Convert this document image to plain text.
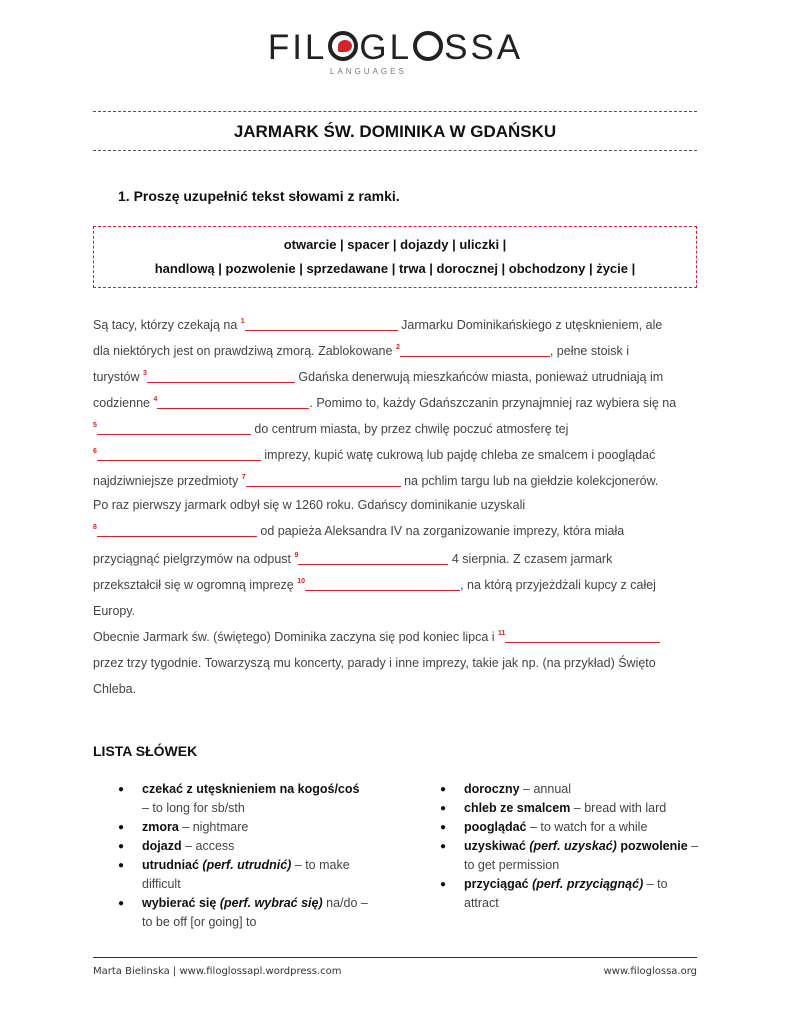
FIL GL SSA
LANGUAGES
JARMARK ŚW. DOMINIKA W GDAŃSKU
1. Proszę uzupełnić tekst słowami z ramki.
otwarcie | spacer | dojazdy | uliczki |
handlową | pozwolenie | sprzedawane | trwa | dorocznej | obchodzony | życie |
Są tacy, którzy czekają na $^1$	Jarmarku Dominikańskiego z utęsknieniem, ale
dla niektórych jest on prawdziwą zmorą. Zablokowane $^2$	, pełne stoisk i
turystów $^3$	Gdańska denerwują mieszkańców miasta, ponieważ utrudniają im
codzienne $^4$	. Pomimo to, każdy Gdańszczanin przynajmniej raz wybiera się na
$^5$	do centrum miasta, by przez chwilę poczuć atmosferę tej
$^6$	imprezy, kupić watę cukrową lub pajdę chleba ze smalcem i pooglądać
najdziwniejsze przedmioty $^7$	na pchlim targu lub na giełdzie kolekcjonerów.
Po raz pierwszy jarmark odbył się w 1260 roku. Gdańscy dominikanie uzyskali
$^8$	od papieża Aleksandra IV na zorganizowanie imprezy, która miała
przyciągnąć pielgrzymów na odpust $^9$	4 sierpnia. Z czasem jarmark
przekształcił się w ogromną imprezę $^{10}$	, na którą przyjeżdżali kupcy z całej
Europy.
Obecnie Jarmark św. (świętego) Dominika zaczyna się pod koniec lipca i $^{11}$
przez trzy tygodnie. Towarzyszą mu koncerty, parady i inne imprezy, takie jak np. (na przykład) Święto
Chleba.
LISTA SŁÓWEK
● czekać z utęsknieniem na kogoś/coś
– to long for sb/sth
● zmora – nightmare
● dojazd – access
● utrudniać (perf. utrudnić) – to make difficult
● wybierać się (perf. wybrać się) na/do – to be off [or going] to
● doroczny – annual
● chleb ze smalcem – bread with lard
● pooglądać – to watch for a while
● uzyskiwać (perf. uzyskać) pozwolenie – to get permission
● przyciągać (perf. przyciągnąć) – to attract
Marta Bielinska | www.filoglossapl.wordpress.com	www.filoglossa.org
